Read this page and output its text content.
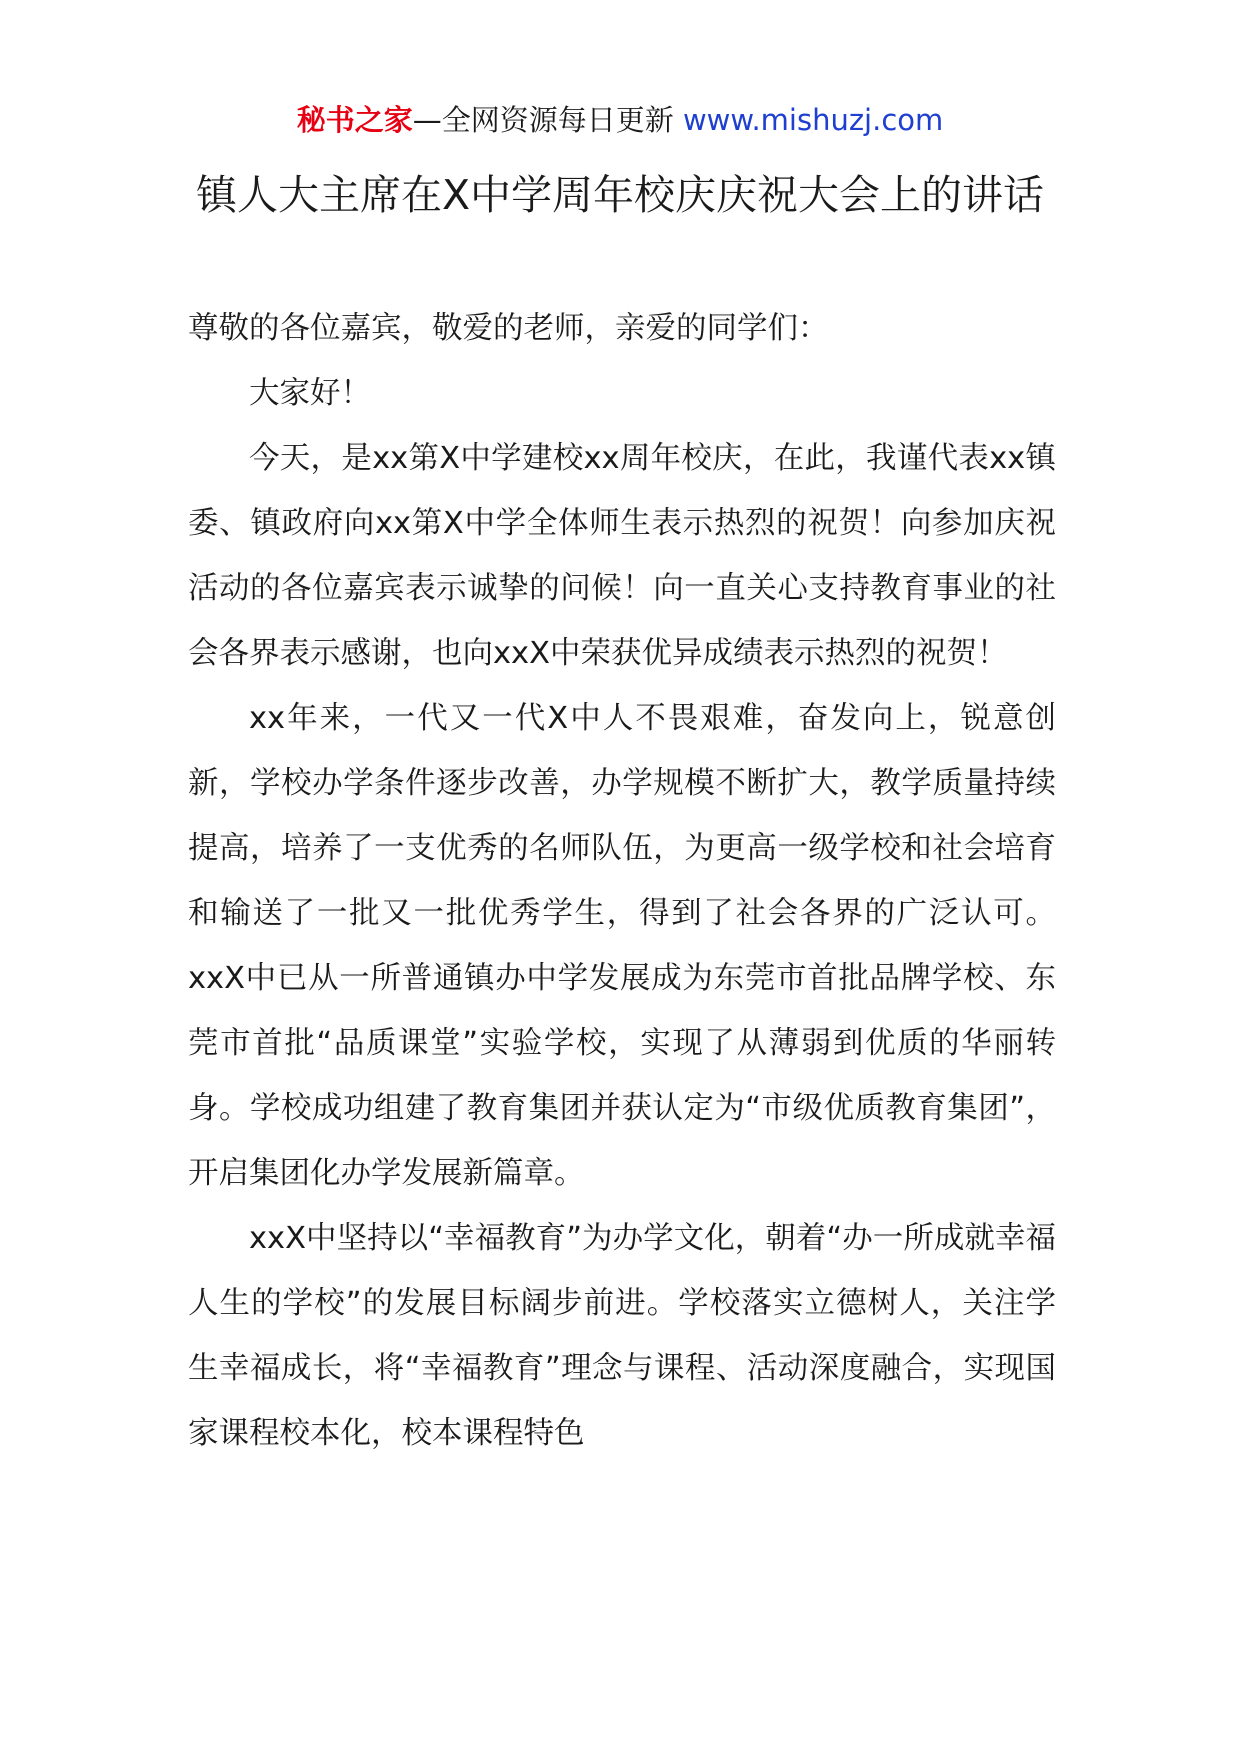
秘书之家—全网资源每日更新 www.mishuzj.com
镇人大主席在X中学周年校庆庆祝大会上的讲话

尊敬的各位嘉宾，敬爱的老师，亲爱的同学们：

大家好！

今天，是xx第X中学建校xx周年校庆，在此，我谨代表xx镇委、镇政府向xx第X中学全体师生表示热烈的祝贺！向参加庆祝活动的各位嘉宾表示诚挚的问候！向一直关心支持教育事业的社会各界表示感谢，也向xxX中荣获优异成绩表示热烈的祝贺！

xx年来，一代又一代X中人不畏艰难，奋发向上，锐意创新，学校办学条件逐步改善，办学规模不断扩大，教学质量持续提高，培养了一支优秀的名师队伍，为更高一级学校和社会培育和输送了一批又一批优秀学生，得到了社会各界的广泛认可。xxX中已从一所普通镇办中学发展成为东莞市首批品牌学校、东莞市首批“品质课堂”实验学校，实现了从薄弱到优质的华丽转身。学校成功组建了教育集团并获认定为“市级优质教育集团”，开启集团化办学发展新篇章。

xxX中坚持以“幸福教育”为办学文化，朝着“办一所成就幸福人生的学校”的发展目标阔步前进。学校落实立德树人，关注学生幸福成长，将“幸福教育”理念与课程、活动深度融合，实现国家课程校本化，校本课程特色
